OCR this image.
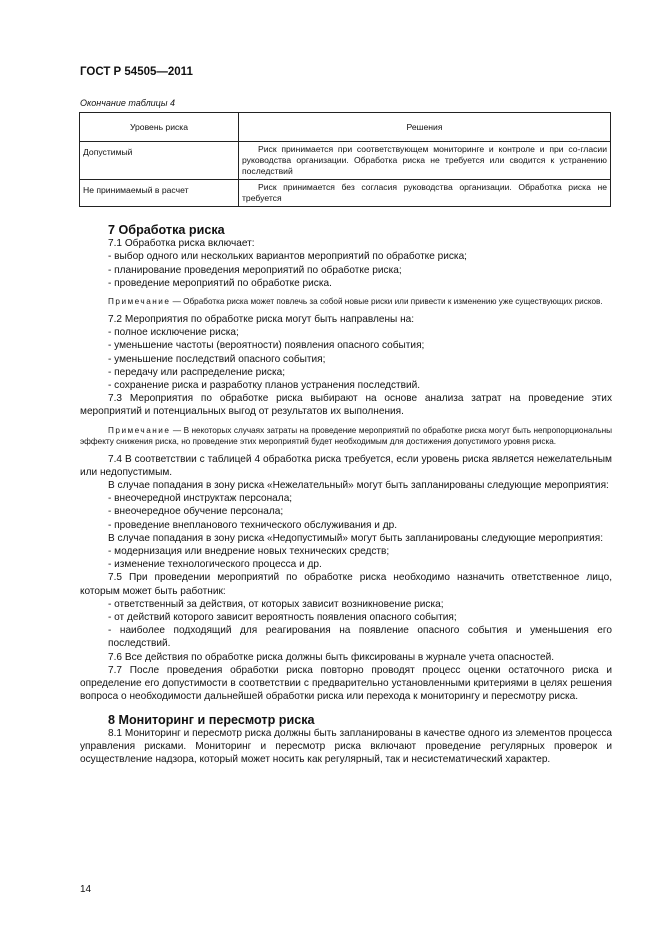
ГОСТ Р 54505—2011
Окончание таблицы 4
Уровень риска	Решения
Допустимый	Риск принимается при соответствующем мониторинге и контроле и при со-гласии руководства организации. Обработка риска не требуется или сводится к устранению последствий
Не принимаемый в расчет	Риск принимается без согласия руководства организации. Обработка риска не требуется

7 Обработка риска

7.1 Обработка риска включает:

- выбор одного или нескольких вариантов мероприятий по обработке риска;

- планирование проведения мероприятий по обработке риска;

- проведение мероприятий по обработке риска.

Примечание — Обработка риска может повлечь за собой новые риски или привести к изменению уже существующих рисков.

7.2 Мероприятия по обработке риска могут быть направлены на:

- полное исключение риска;

- уменьшение частоты (вероятности) появления опасного события;

- уменьшение последствий опасного события;

- передачу или распределение риска;

- сохранение риска и разработку планов устранения последствий.

7.3 Мероприятия по обработке риска выбирают на основе анализа затрат на проведение этих мероприятий и потенциальных выгод от результатов их выполнения.

Примечание — В некоторых случаях затраты на проведение мероприятий по обработке риска могут быть непропорциональны эффекту снижения риска, но проведение этих мероприятий будет необходимым для достижения допустимого уровня риска.

7.4 В соответствии с таблицей 4 обработка риска требуется, если уровень риска является нежелательным или недопустимым.

В случае попадания в зону риска «Нежелательный» могут быть запланированы следующие мероприятия:

- внеочередной инструктаж персонала;

- внеочередное обучение персонала;

- проведение внепланового технического обслуживания и др.

В случае попадания в зону риска «Недопустимый» могут быть запланированы следующие мероприятия:

- модернизация или внедрение новых технических средств;

- изменение технологического процесса и др.

7.5 При проведении мероприятий по обработке риска необходимо назначить ответственное лицо, которым может быть работник:

- ответственный за действия, от которых зависит возникновение риска;

- от действий которого зависит вероятность появления опасного события;

- наиболее подходящий для реагирования на появление опасного события и уменьшения его последствий.

7.6 Все действия по обработке риска должны быть фиксированы в журнале учета опасностей.

7.7 После проведения обработки риска повторно проводят процесс оценки остаточного риска и определение его допустимости в соответствии с предварительно установленными критериями в целях решения вопроса о необходимости дальнейшей обработки риска или перехода к мониторингу и пересмотру риска.

8 Мониторинг и пересмотр риска

8.1 Мониторинг и пересмотр риска должны быть запланированы в качестве одного из элементов процесса управления рисками. Мониторинг и пересмотр риска включают проведение регулярных проверок и осуществление надзора, который может носить как регулярный, так и несистематический характер.

14
